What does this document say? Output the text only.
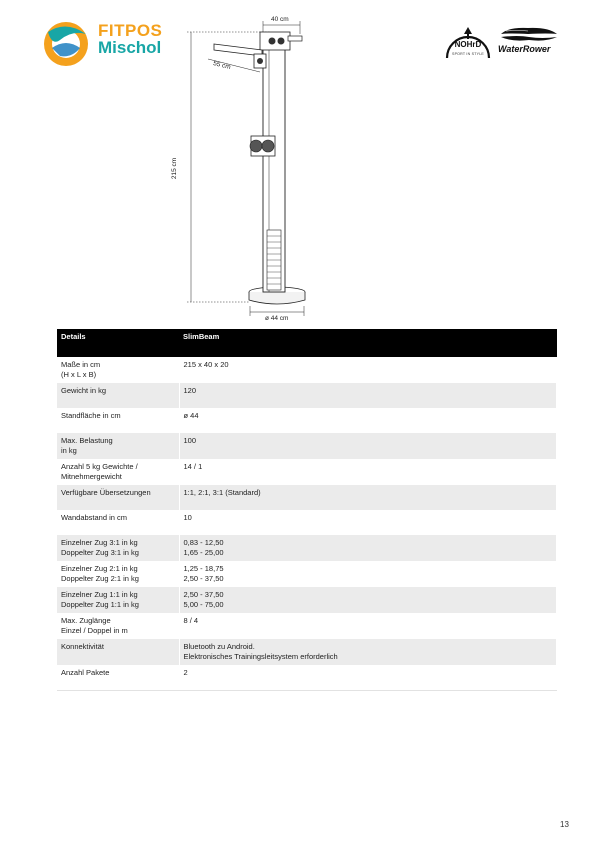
FITPOS
Mischol	NOHrD
SPORT IN STYLE	WaterRower
40 cm
55 cm
215 cm
ø 44 cm
Details	SlimBeam

Maße in cm
(H x L x B)	215 x 40 x 20

Gewicht in kg	120

Standfläche in cm	ø 44

Max. Belastung
in kg	100

Anzahl 5 kg Gewichte /
Mitnehmergewicht	14 / 1

Verfügbare Übersetzungen	1:1, 2:1, 3:1 (Standard)

Wandabstand in cm	10

Einzelner Zug 3:1 in kg
Doppelter Zug 3:1 in kg	0,83 - 12,50
1,65 - 25,00

Einzelner Zug 2:1 in kg
Doppelter Zug 2:1 in kg	1,25 - 18,75
2,50 - 37,50

Einzelner Zug 1:1 in kg
Doppelter Zug 1:1 in kg	2,50 - 37,50
5,00 - 75,00

Max. Zuglänge
Einzel / Doppel in m	8 / 4

Konnektivität	Bluetooth zu Android.
Elektronisches Trainingsleitsystem erforderlich

Anzahl Pakete	2
13
